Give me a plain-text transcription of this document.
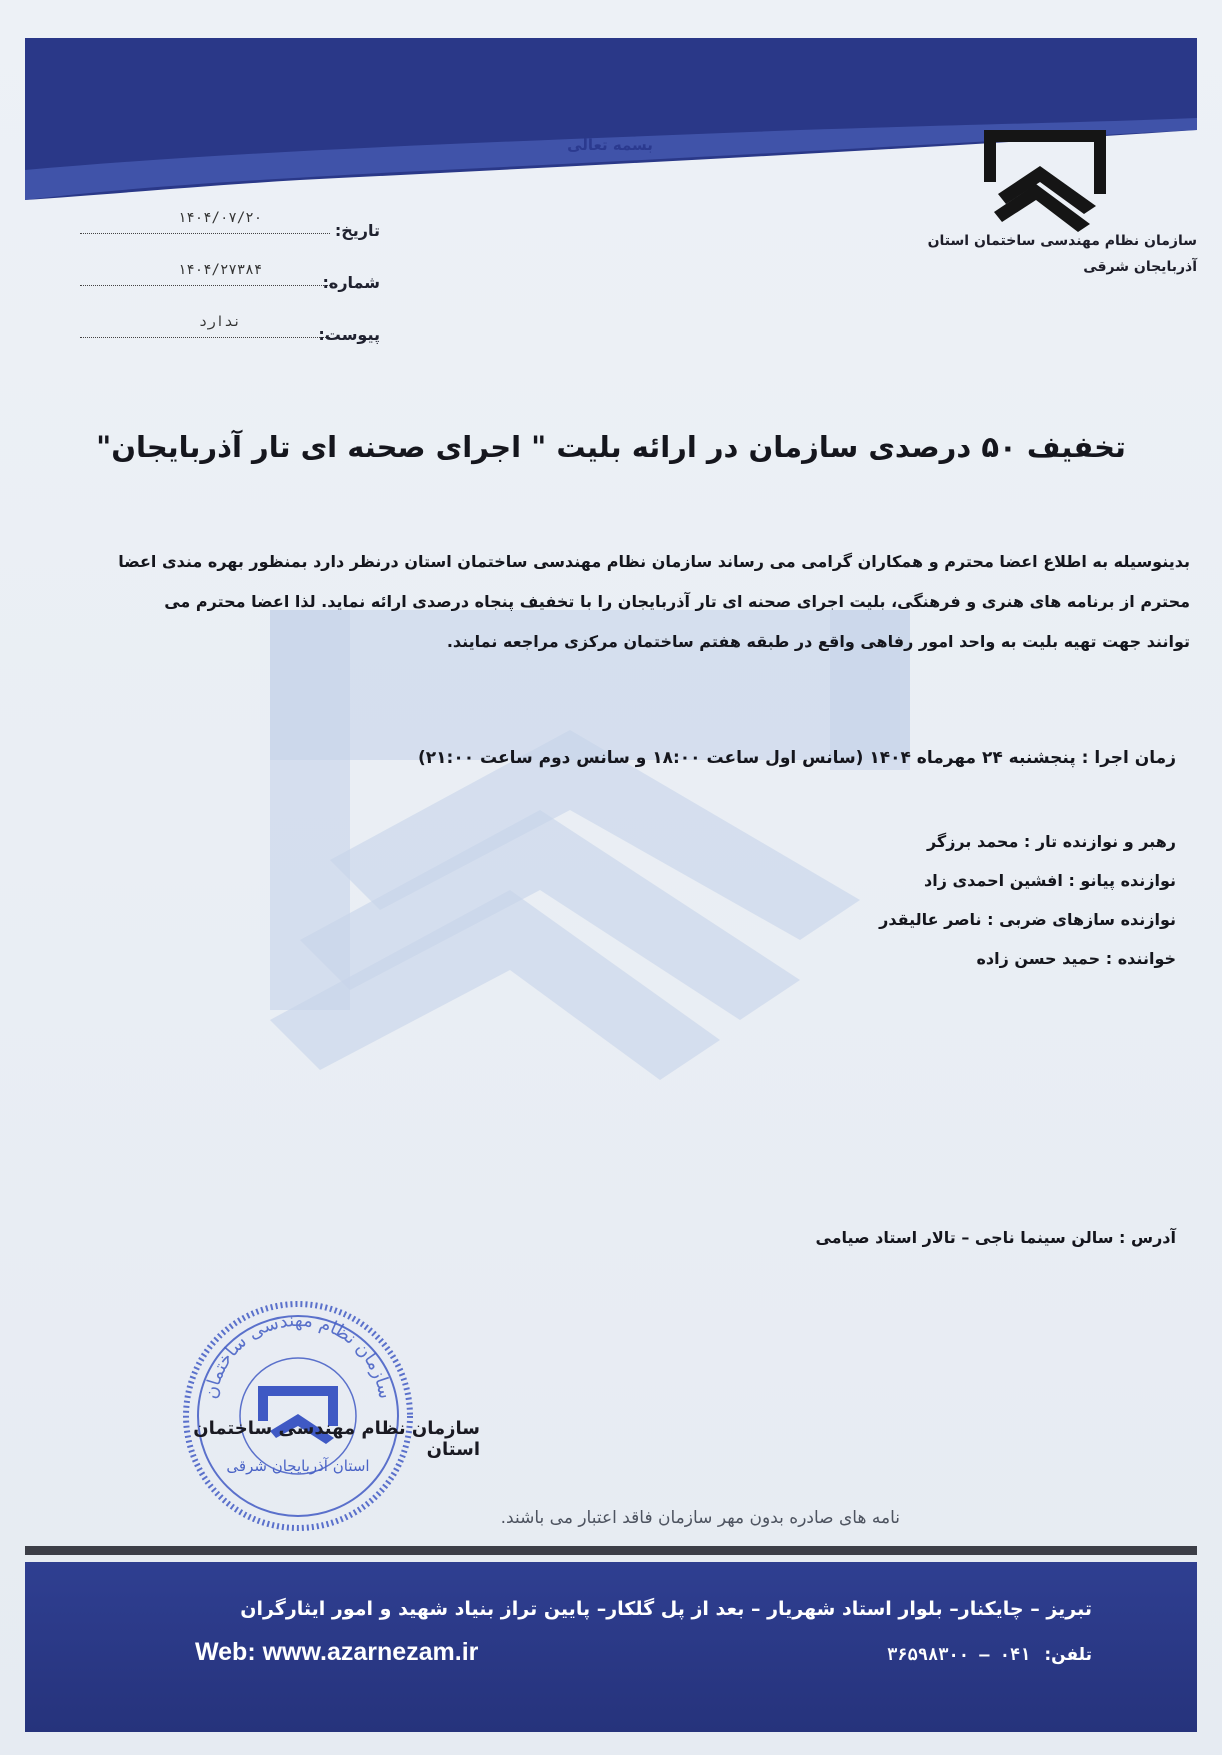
بسمه تعالی
سازمان نظام مهندسی ساختمان استان
آذربایجان شرقی
۱۴۰۴/۰۷/۲۰
تاریخ:
۱۴۰۴/۲۷۳۸۴
شماره:
ندارد
پیوست:
تخفیف ۵۰ درصدی سازمان در ارائه بلیت " اجرای صحنه ای تار آذربایجان"
بدینوسیله به اطلاع اعضا محترم و همکاران گرامی می رساند سازمان نظام مهندسی ساختمان استان درنظر دارد بمنظور بهره مندی اعضا
محترم از برنامه های هنری و فرهنگی، بلیت اجرای صحنه ای تار آذربایجان را با تخفیف پنجاه درصدی ارائه نماید. لذا اعضا محترم می
توانند جهت تهیه بلیت به واحد امور رفاهی واقع در طبقه هفتم ساختمان مرکزی مراجعه نمایند.
زمان اجرا : پنجشنبه ۲۴ مهرماه ۱۴۰۴ (سانس اول ساعت ۱۸:۰۰ و سانس دوم ساعت ۲۱:۰۰)
رهبر و نوازنده تار : محمد برزگر
نوازنده پیانو : افشین احمدی زاد
نوازنده سازهای ضربی : ناصر عالیقدر
خواننده : حمید حسن زاده
آدرس : سالن سینما ناجی – تالار استاد صیامی
سازمان نظام مهندسی ساختمان
استان آذربایجان شرقی
سازمان نظام مهندسی ساختمان استان
نامه های صادره بدون مهر سازمان فاقد اعتبار می باشند.
تبریز – چایکنار– بلوار استاد شهریار – بعد از پل گلکار– پایین تراز بنیاد شهید و امور ایثارگران
Web: www.azarnezam.ir	تلفن: ۰۴۱ – ۳۶۵۹۸۳۰۰
